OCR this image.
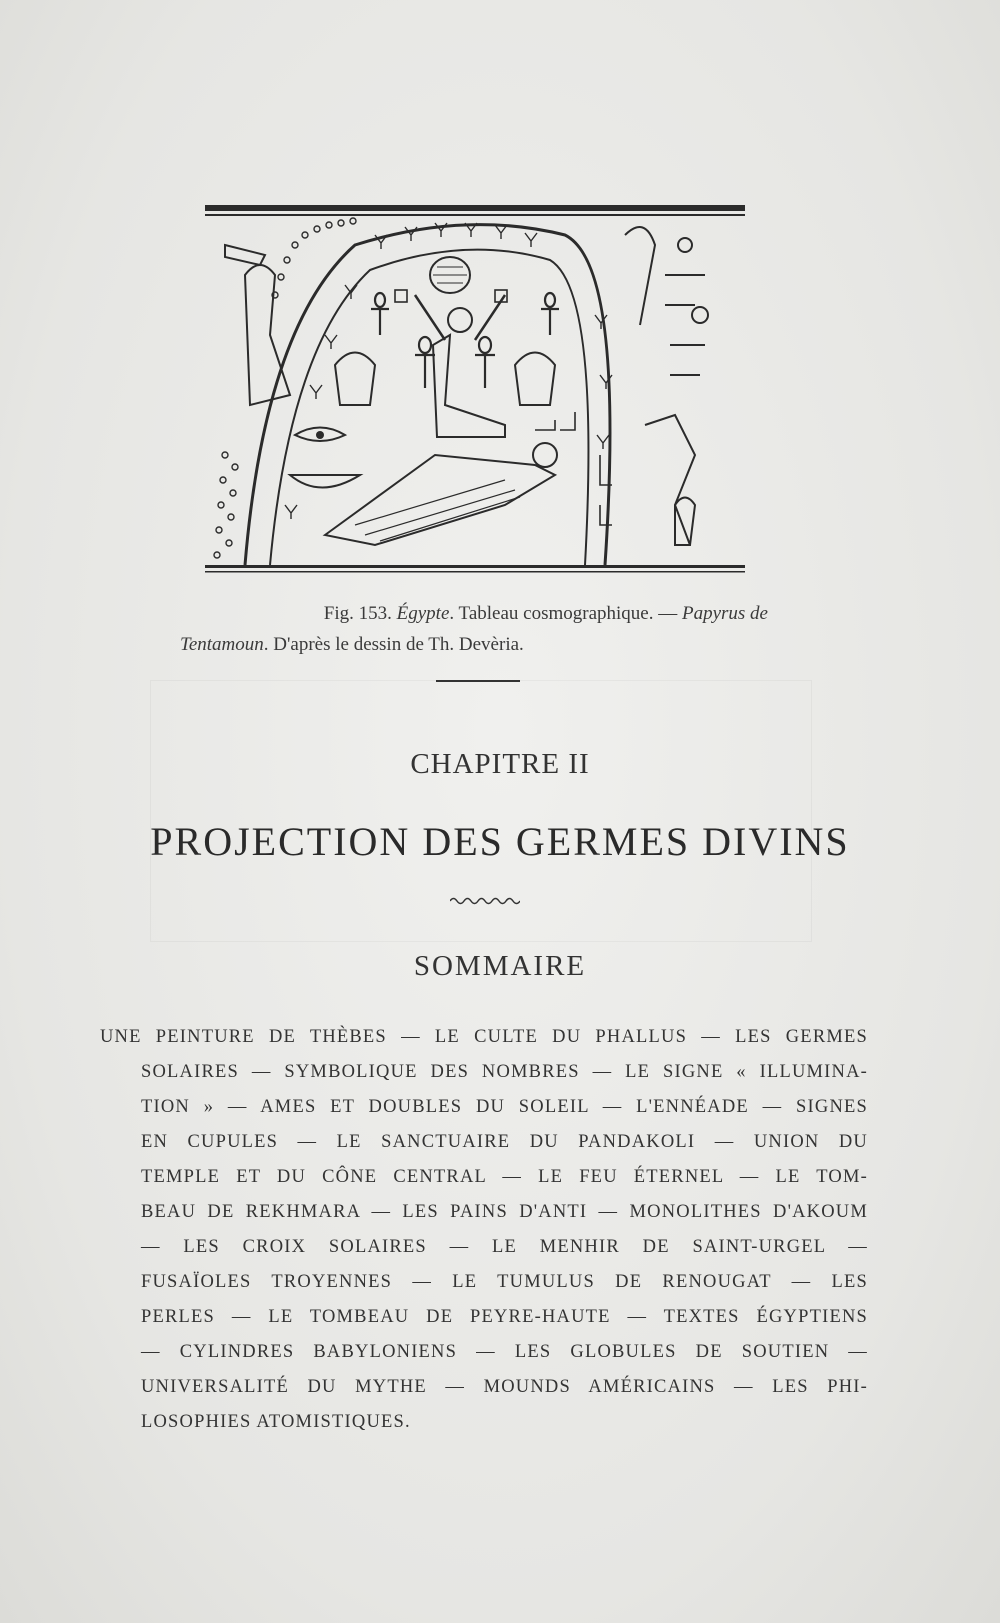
Fig. 153. Égypte. Tableau cosmographique. — Papyrus de
Tentamoun. D'après le dessin de Th. Devèria.
CHAPITRE II
PROJECTION DES GERMES DIVINS
SOMMAIRE
UNE PEINTURE DE THÈBES — LE CULTE DU PHALLUS — LES GERMES
SOLAIRES — SYMBOLIQUE DES NOMBRES — LE SIGNE « ILLUMINA-
TION » — AMES ET DOUBLES DU SOLEIL — L'ENNÉADE — SIGNES
EN CUPULES — LE SANCTUAIRE DU PANDAKOLI — UNION DU
TEMPLE ET DU CÔNE CENTRAL — LE FEU ÉTERNEL — LE TOM-
BEAU DE REKHMARA — LES PAINS D'ANTI — MONOLITHES D'AKOUM
— LES CROIX SOLAIRES — LE MENHIR DE SAINT-URGEL —
FUSAÏOLES TROYENNES — LE TUMULUS DE RENOUGAT — LES
PERLES — LE TOMBEAU DE PEYRE-HAUTE — TEXTES ÉGYPTIENS
— CYLINDRES BABYLONIENS — LES GLOBULES DE SOUTIEN —
UNIVERSALITÉ DU MYTHE — MOUNDS AMÉRICAINS — LES PHI-
LOSOPHIES ATOMISTIQUES.
